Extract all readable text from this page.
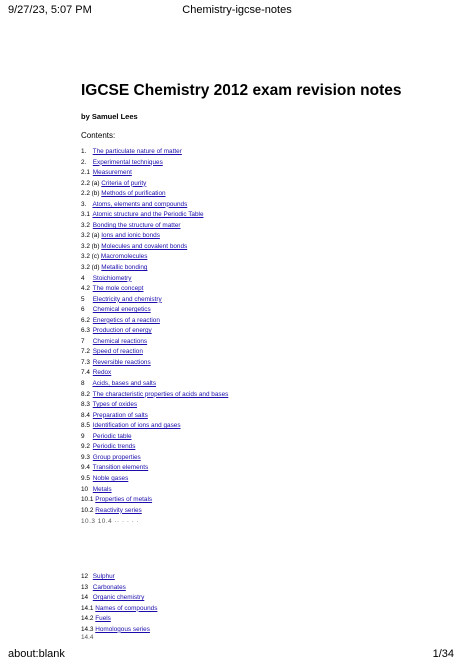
9/27/23, 5:07 PM	Chemistry-igcse-notes
IGCSE Chemistry 2012 exam revision notes
by Samuel Lees
Contents:
1. The particulate nature of matter
2. Experimental techniques
2.1 Measurement
2.2 (a) Criteria of purity
2.2 (b) Methods of purification
3. Atoms, elements and compounds
3.1 Atomic structure and the Periodic Table
3.2 Bonding the structure of matter
3.2 (a) Ions and ionic bonds
3.2 (b) Molecules and covalent bonds
3.2 (c) Macromolecules
3.2 (d) Metallic bonding
4 Stoichiometry
4.2 The mole concept
5 Electricity and chemistry
6 Chemical energetics
6.2 Energetics of a reaction
6.3 Production of energy
7 Chemical reactions
7.2 Speed of reaction
7.3 Reversible reactions
7.4 Redox
8 Acids, bases and salts
8.2 The characteristic properties of acids and bases
8.3 Types of oxides
8.4 Preparation of salts
8.5 Identification of ions and gases
9 Periodic table
9.2 Periodic trends
9.3 Group properties
9.4 Transition elements
9.5 Noble gases
10 Metals
10.1 Properties of metals
10.2 Reactivity series
10.3 10.4 ·· · · · ·
12 Sulphur
13 Carbonates
14 Organic chemistry
14.1 Names of compounds
14.2 Fuels
14.3 Homologous series
14.4
about:blank	1/34
